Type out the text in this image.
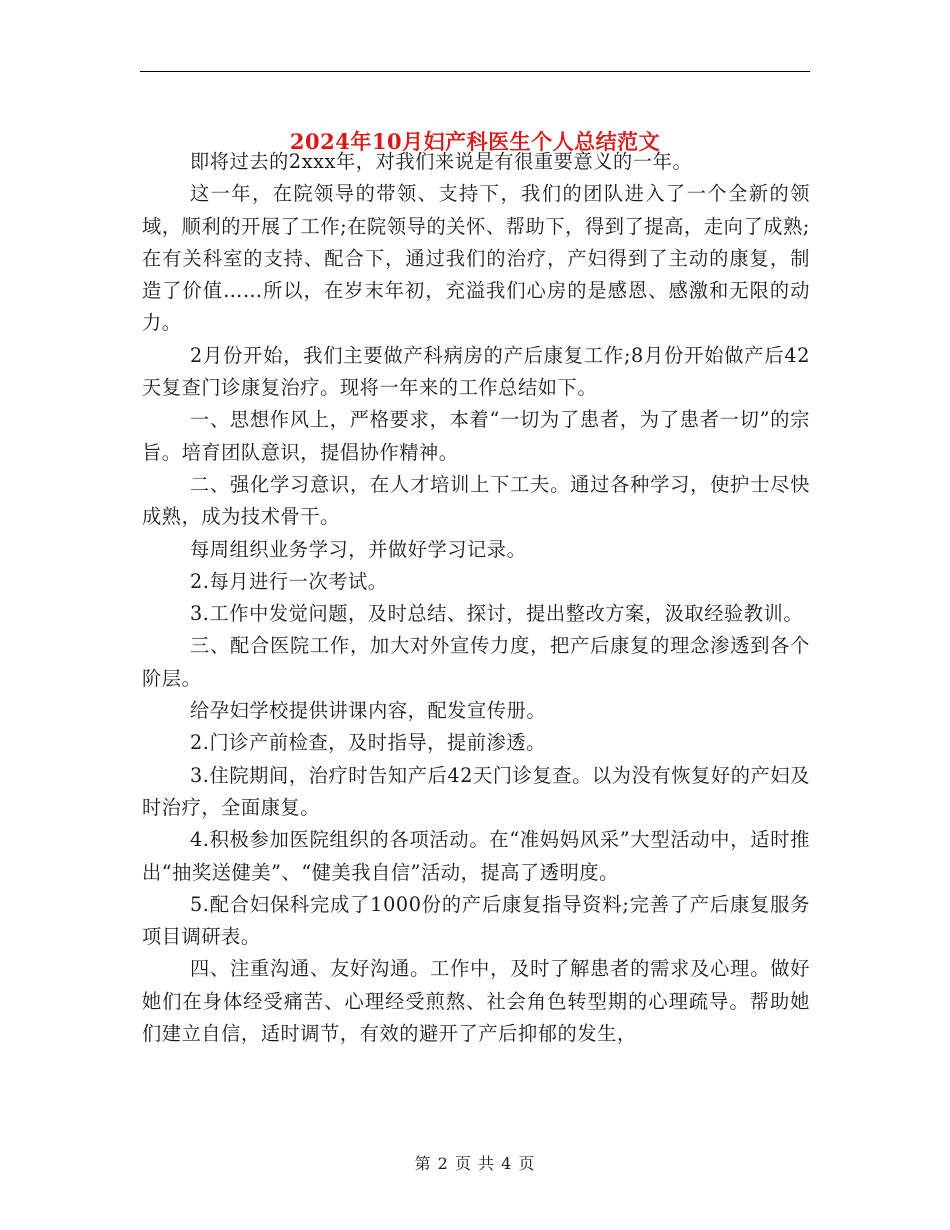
2024年10月妇产科医生个人总结范文

即将过去的2xxx年，对我们来说是有很重要意义的一年。

这一年，在院领导的带领、支持下，我们的团队进入了一个全新的领域，顺利的开展了工作;在院领导的关怀、帮助下，得到了提高，走向了成熟;在有关科室的支持、配合下，通过我们的治疗，产妇得到了主动的康复，制造了价值……所以，在岁末年初，充溢我们心房的是感恩、感激和无限的动力。

2月份开始，我们主要做产科病房的产后康复工作;8月份开始做产后42天复查门诊康复治疗。现将一年来的工作总结如下。

一、思想作风上，严格要求，本着“一切为了患者，为了患者一切”的宗旨。培育团队意识，提倡协作精神。

二、强化学习意识，在人才培训上下工夫。通过各种学习，使护士尽快成熟，成为技术骨干。

每周组织业务学习，并做好学习记录。

2.每月进行一次考试。

3.工作中发觉问题，及时总结、探讨，提出整改方案，汲取经验教训。

三、配合医院工作，加大对外宣传力度，把产后康复的理念渗透到各个阶层。

给孕妇学校提供讲课内容，配发宣传册。

2.门诊产前检查，及时指导，提前渗透。

3.住院期间，治疗时告知产后42天门诊复查。以为没有恢复好的产妇及时治疗，全面康复。

4.积极参加医院组织的各项活动。在“准妈妈风采”大型活动中，适时推出“抽奖送健美”、“健美我自信”活动，提高了透明度。

5.配合妇保科完成了1000份的产后康复指导资料;完善了产后康复服务项目调研表。

四、注重沟通、友好沟通。工作中，及时了解患者的需求及心理。做好她们在身体经受痛苦、心理经受煎熬、社会角色转型期的心理疏导。帮助她们建立自信，适时调节，有效的避开了产后抑郁的发生，

第 2 页 共 4 页
